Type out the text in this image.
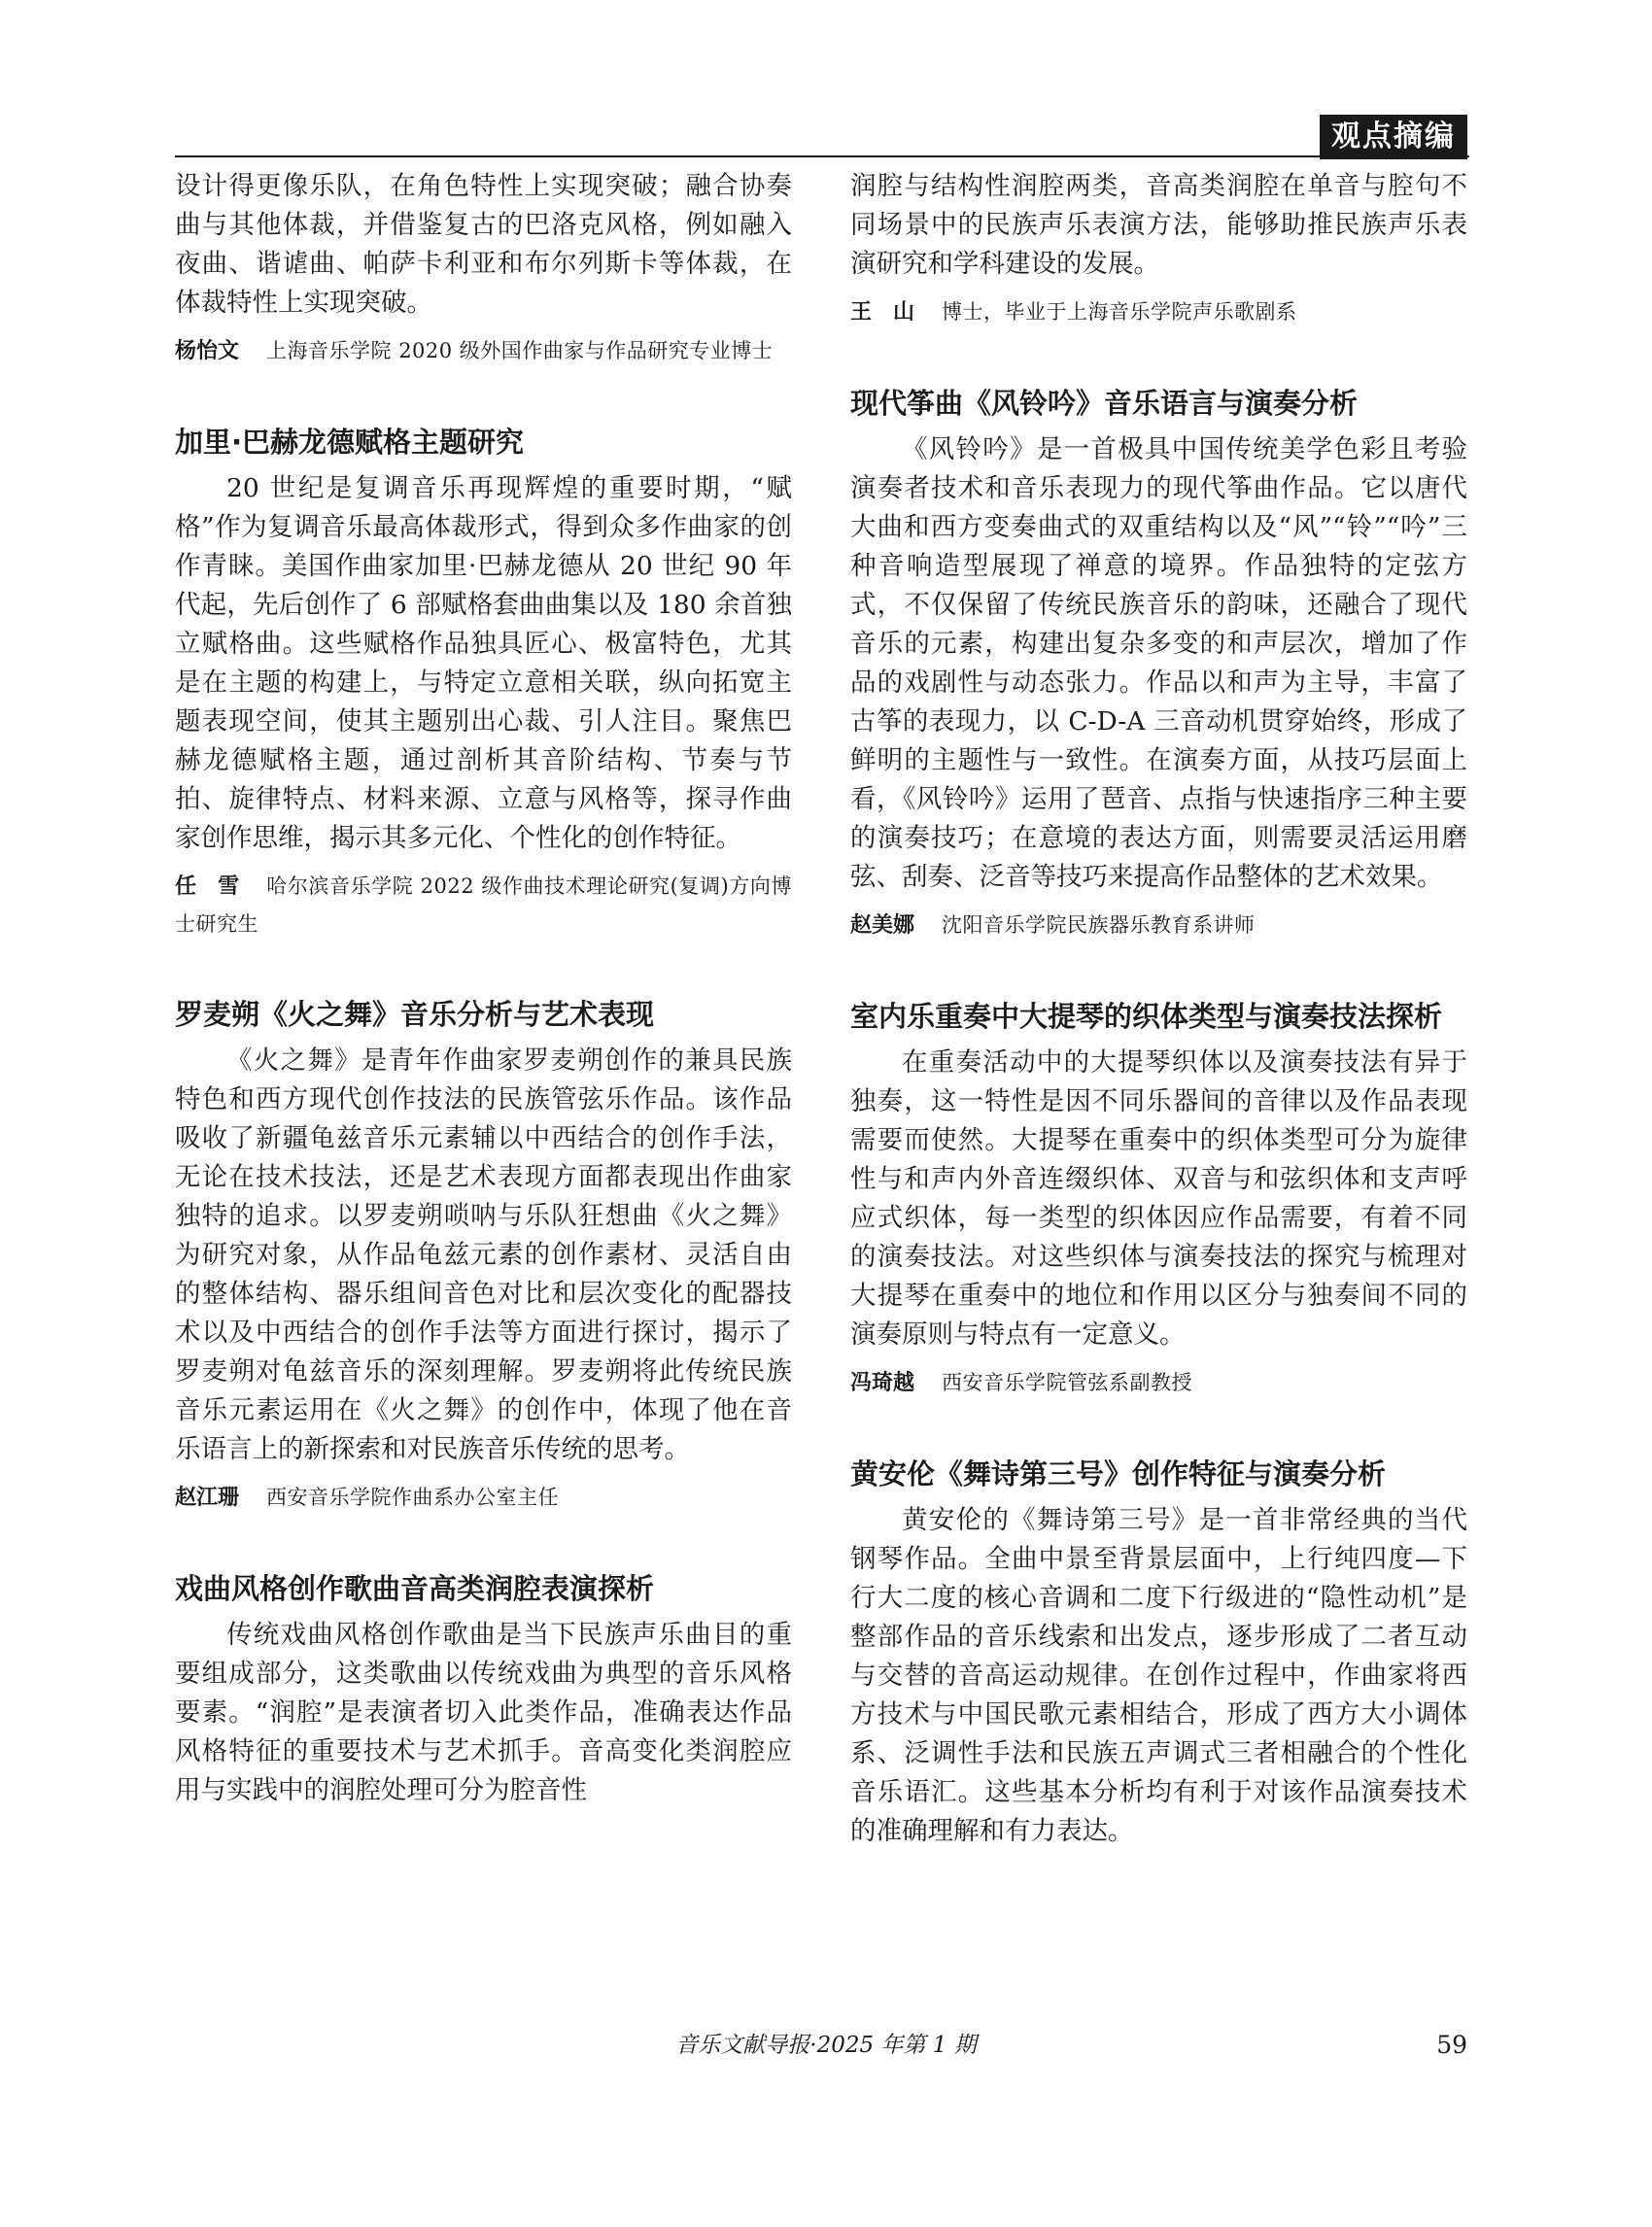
观点摘编

设计得更像乐队，在角色特性上实现突破；融合协奏曲与其他体裁，并借鉴复古的巴洛克风格，例如融入夜曲、谐谑曲、帕萨卡利亚和布尔列斯卡等体裁，在体裁特性上实现突破。

杨怡文 上海音乐学院 2020 级外国作曲家与作品研究专业博士

加里·巴赫龙德赋格主题研究

20 世纪是复调音乐再现辉煌的重要时期，“赋格”作为复调音乐最高体裁形式，得到众多作曲家的创作青睐。美国作曲家加里·巴赫龙德从 20 世纪 90 年代起，先后创作了 6 部赋格套曲曲集以及 180 余首独立赋格曲。这些赋格作品独具匠心、极富特色，尤其是在主题的构建上，与特定立意相关联，纵向拓宽主题表现空间，使其主题别出心裁、引人注目。聚焦巴赫龙德赋格主题，通过剖析其音阶结构、节奏与节拍、旋律特点、材料来源、立意与风格等，探寻作曲家创作思维，揭示其多元化、个性化的创作特征。

任　雪 哈尔滨音乐学院 2022 级作曲技术理论研究(复调)方向博士研究生

罗麦朔《火之舞》音乐分析与艺术表现

《火之舞》是青年作曲家罗麦朔创作的兼具民族特色和西方现代创作技法的民族管弦乐作品。该作品吸收了新疆龟兹音乐元素辅以中西结合的创作手法，无论在技术技法，还是艺术表现方面都表现出作曲家独特的追求。以罗麦朔唢呐与乐队狂想曲《火之舞》为研究对象，从作品龟兹元素的创作素材、灵活自由的整体结构、器乐组间音色对比和层次变化的配器技术以及中西结合的创作手法等方面进行探讨，揭示了罗麦朔对龟兹音乐的深刻理解。罗麦朔将此传统民族音乐元素运用在《火之舞》的创作中，体现了他在音乐语言上的新探索和对民族音乐传统的思考。

赵江珊 西安音乐学院作曲系办公室主任

戏曲风格创作歌曲音高类润腔表演探析

传统戏曲风格创作歌曲是当下民族声乐曲目的重要组成部分，这类歌曲以传统戏曲为典型的音乐风格要素。“润腔”是表演者切入此类作品，准确表达作品风格特征的重要技术与艺术抓手。音高变化类润腔应用与实践中的润腔处理可分为腔音性

润腔与结构性润腔两类，音高类润腔在单音与腔句不同场景中的民族声乐表演方法，能够助推民族声乐表演研究和学科建设的发展。

王　山 博士，毕业于上海音乐学院声乐歌剧系

现代筝曲《风铃吟》音乐语言与演奏分析

《风铃吟》是一首极具中国传统美学色彩且考验演奏者技术和音乐表现力的现代筝曲作品。它以唐代大曲和西方变奏曲式的双重结构以及“风”“铃”“吟”三种音响造型展现了禅意的境界。作品独特的定弦方式，不仅保留了传统民族音乐的韵味，还融合了现代音乐的元素，构建出复杂多变的和声层次，增加了作品的戏剧性与动态张力。作品以和声为主导，丰富了古筝的表现力，以 C-D-A 三音动机贯穿始终，形成了鲜明的主题性与一致性。在演奏方面，从技巧层面上看，《风铃吟》运用了琶音、点指与快速指序三种主要的演奏技巧；在意境的表达方面，则需要灵活运用磨弦、刮奏、泛音等技巧来提高作品整体的艺术效果。

赵美娜 沈阳音乐学院民族器乐教育系讲师

室内乐重奏中大提琴的织体类型与演奏技法探析

在重奏活动中的大提琴织体以及演奏技法有异于独奏，这一特性是因不同乐器间的音律以及作品表现需要而使然。大提琴在重奏中的织体类型可分为旋律性与和声内外音连缀织体、双音与和弦织体和支声呼应式织体，每一类型的织体因应作品需要，有着不同的演奏技法。对这些织体与演奏技法的探究与梳理对大提琴在重奏中的地位和作用以区分与独奏间不同的演奏原则与特点有一定意义。

冯琦越 西安音乐学院管弦系副教授

黄安伦《舞诗第三号》创作特征与演奏分析

黄安伦的《舞诗第三号》是一首非常经典的当代钢琴作品。全曲中景至背景层面中，上行纯四度—下行大二度的核心音调和二度下行级进的“隐性动机”是整部作品的音乐线索和出发点，逐步形成了二者互动与交替的音高运动规律。在创作过程中，作曲家将西方技术与中国民歌元素相结合，形成了西方大小调体系、泛调性手法和民族五声调式三者相融合的个性化音乐语汇。这些基本分析均有利于对该作品演奏技术的准确理解和有力表达。

音乐文献导报·2025 年第 1 期	59
